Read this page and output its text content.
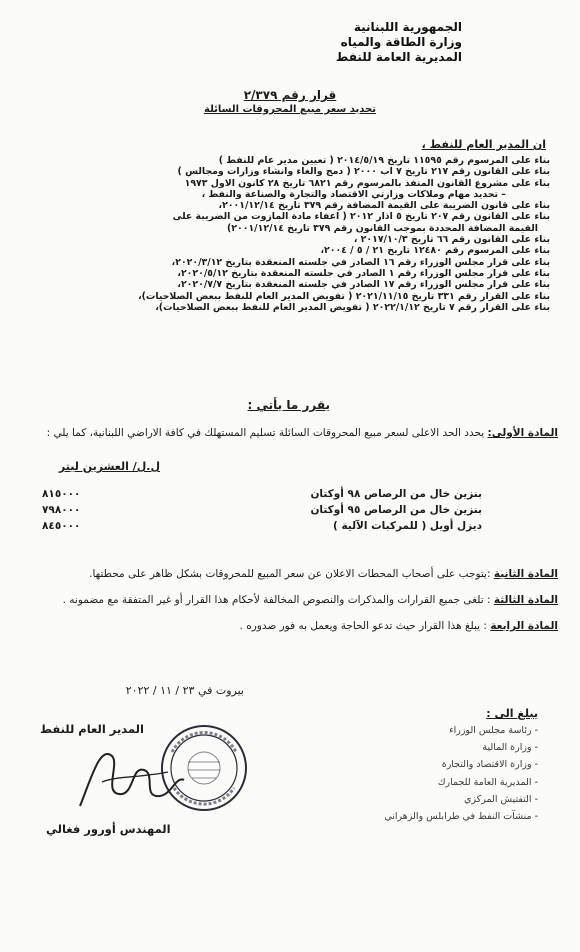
الجمهورية اللبنانية
وزارة الطاقة والمياه
المديرية العامة للنفط
قرار رقم ٢/٣٧٩
تحديد سعر مبيع المحروقات السائلة
ان المدير العام للنفط ،
بناء على المرسوم رقم ١١٥٩٥ تاريخ ٢٠١٤/٥/١٩ ( تعيين مدير عام للنفط )
بناء على القانون رقم ٢١٧ تاريخ ٧ آب ٢٠٠٠ ( دمج والغاء وانشاء وزارات ومجالس )
بناء على مشروع القانون المنفذ بالمرسوم رقم ٦٨٢١ تاريخ ٢٨ كانون الاول ١٩٧٣
– تحديد مهام وملاكات وزارتي الاقتصاد والتجارة والصناعة والنفط ،
بناء على قانون الضريبة على القيمة المضافة رقم ٣٧٩ تاريخ ٢٠٠١/١٢/١٤،
بناء على القانون رقم ٢٠٧ تاريخ ٥ آذار ٢٠١٢ ( اعفاء مادة المازوت من الضريبة على
القيمة المضافة المحددة بموجب القانون رقم ٣٧٩ تاريخ ٢٠٠١/١٢/١٤)
بناء على القانون رقم ٦٦ تاريخ ٢٠١٧/١٠/٣ ،
بناء على المرسوم رقم ١٢٤٨٠ تاريخ ٢١ / ٥ / ٢٠٠٤،
بناء على قرار مجلس الوزراء رقم ١٦ الصادر في جلسته المنعقدة بتاريخ ٢٠٢٠/٣/١٢،
بناء على قرار مجلس الوزراء رقم ١ الصادر في جلسته المنعقدة بتاريخ ٢٠٢٠/٥/١٢،
بناء على قرار مجلس الوزراء رقم ١٧ الصادر في جلسته المنعقدة بتاريخ ٢٠٢٠/٧/٧،
بناء على القرار رقم ٣٣١ تاريخ ٢٠٢١/١١/١٥ ( تفويض المدير العام للنفط ببعض الصلاحيات)،
بناء على القرار رقم ٧ تاريخ ٢٠٢٢/١/١٢ ( تفويض المدير العام للنفط ببعض الصلاحيات)،
يقرر ما يأتي :
المادة الأولى: يحدد الحد الاعلى لسعر مبيع المحروقات السائلة تسليم المستهلك في كافة الاراضي اللبنانية، كما يلي :
ل.ل/ العشرين ليتر
بنزين خال من الرصاص ٩٨ أوكتان
٨١٥٠٠٠
بنزين خال من الرصاص ٩٥ أوكتان
٧٩٨٠٠٠
ديزل أويل ( للمركبات الآلية )
٨٤٥٠٠٠
المادة الثانية :يتوجب على أصحاب المحطات الاعلان عن سعر المبيع للمحروقات بشكل ظاهر على محطتها.
المادة الثالثة : تلغى جميع القرارات والمذكرات والنصوص المخالفة لأحكام هذا القرار أو غير المتفقة مع مضمونه .
المادة الرابعة : يبلغ هذا القرار حيث تدعو الحاجة ويعمل به فور صدوره .
بيروت في ٢٣ / ١١ / ٢٠٢٢
المدير العام للنفط
المهندس أورور فغالي
يبلغ الى :
- رئاسة مجلس الوزراء
- وزارة المالية
- وزارة الاقتصاد والتجارة
- المديرية العامة للجمارك
- التفتيش المركزي
- منشآت النفط في طرابلس والزهراني
